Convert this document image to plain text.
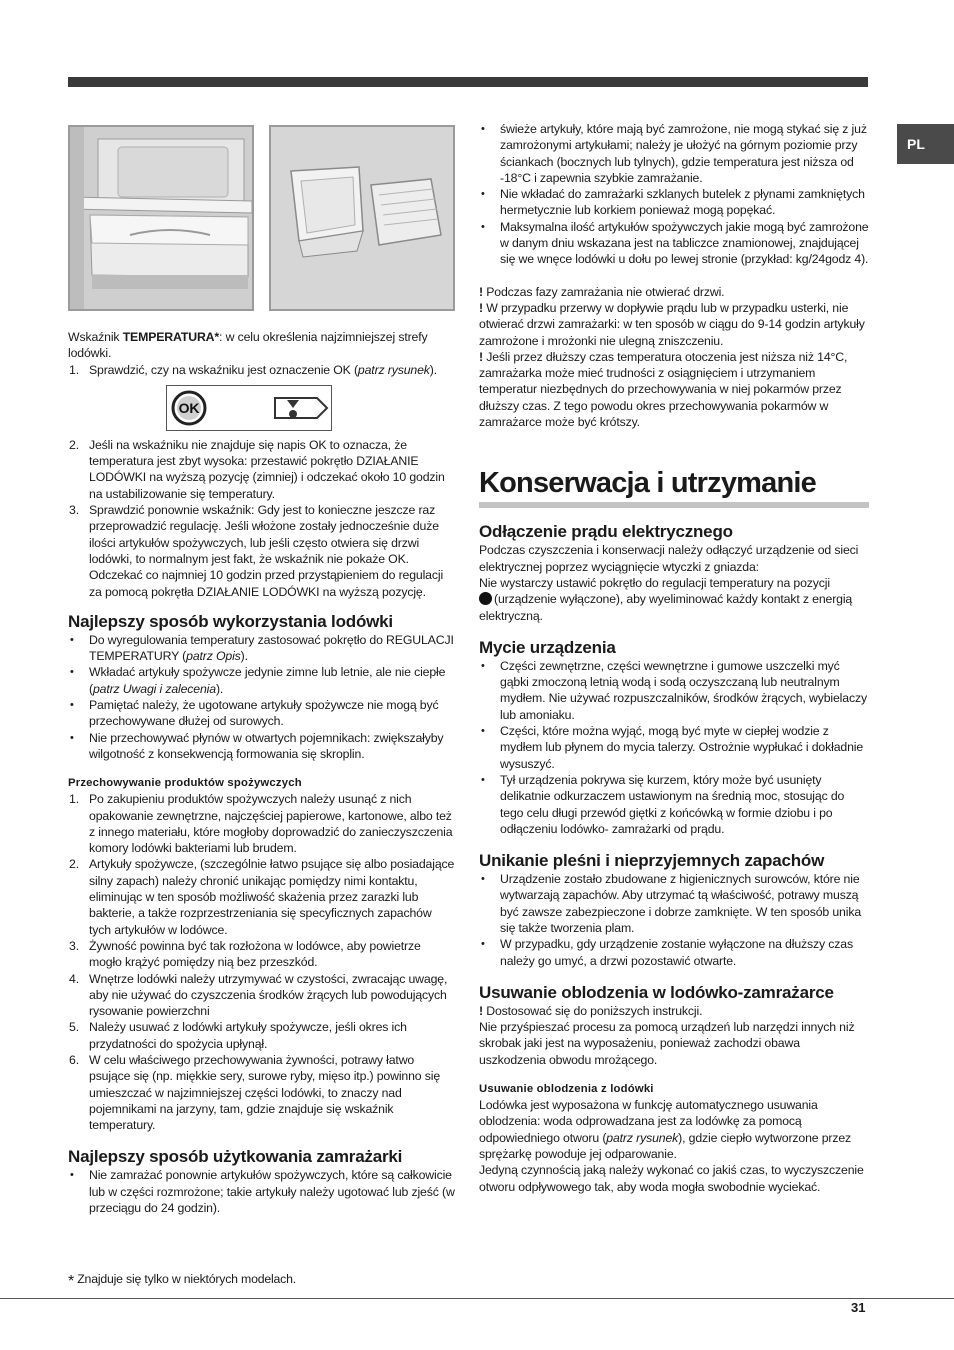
PL

Wskaźnik TEMPERATURA*: w celu określenia najzimniejszej strefy lodówki.

Sprawdzić, czy na wskaźniku jest oznaczenie OK (patrz rysunek).
OK
Jeśli na wskaźniku nie znajduje się napis OK to oznacza, że temperatura jest zbyt wysoka: przestawić pokrętło DZIAŁANIE LODÓWKI na wyższą pozycję (zimniej) i odczekać około 10 godzin na ustabilizowanie się temperatury.
Sprawdzić ponownie wskaźnik: Gdy jest to konieczne jeszcze raz przeprowadzić regulację. Jeśli włożone zostały jednocześnie duże ilości artykułów spożywczych, lub jeśli często otwiera się drzwi lodówki, to normalnym jest fakt, że wskaźnik nie pokaże OK. Odczekać co najmniej 10 godzin przed przystąpieniem do regulacji za pomocą pokrętła DZIAŁANIE LODÓWKI na wyższą pozycję.
Najlepszy sposób wykorzystania lodówki
• Do wyregulowania temperatury zastosować pokrętło do REGULACJI TEMPERATURY (patrz Opis).
• Wkładać artykuły spożywcze jedynie zimne lub letnie, ale nie ciepłe (patrz Uwagi i zalecenia).
• Pamiętać należy, że ugotowane artykuły spożywcze nie mogą być przechowywane dłużej od surowych.
• Nie przechowywać płynów w otwartych pojemnikach: zwiększałyby wilgotność z konsekwencją formowania się skroplin.
Przechowywanie produktów spożywczych
Po zakupieniu produktów spożywczych należy usunąć z nich opakowanie zewnętrzne, najczęściej papierowe, kartonowe, albo też z innego materiału, które mogłoby doprowadzić do zanieczyszczenia komory lodówki bakteriami lub brudem.
Artykuły spożywcze, (szczególnie łatwo psujące się albo posiadające silny zapach) należy chronić unikając pomiędzy nimi kontaktu, eliminując w ten sposób możliwość skażenia przez zarazki lub bakterie, a także rozprzestrzeniania się specyficznych zapachów tych artykułów w lodówce.
Żywność powinna być tak rozłożona w lodówce, aby powietrze mogło krążyć pomiędzy nią bez przeszkód.
Wnętrze lodówki należy utrzymywać w czystości, zwracając uwagę, aby nie używać do czyszczenia środków żrących lub powodujących rysowanie powierzchni
Należy usuwać z lodówki artykuły spożywcze, jeśli okres ich przydatności do spożycia upłynął.
W celu właściwego przechowywania żywności, potrawy łatwo psujące się (np. miękkie sery, surowe ryby, mięso itp.) powinno się umieszczać w najzimniejszej części lodówki, to znaczy nad pojemnikami na jarzyny, tam, gdzie znajduje się wskaźnik temperatury.
Najlepszy sposób użytkowania zamrażarki
• Nie zamrażać ponownie artykułów spożywczych, które są całkowicie lub w części rozmrożone; takie artykuły należy ugotować lub zjeść (w przeciągu do 24 godzin).
• świeże artykuły, które mają być zamrożone, nie mogą stykać się z już zamrożonymi artykułami; należy je ułożyć na górnym poziomie przy ściankach (bocznych lub tylnych), gdzie temperatura jest niższa od -18°C i zapewnia szybkie zamrażanie.
• Nie wkładać do zamrażarki szklanych butelek z płynami zamkniętych hermetycznie lub korkiem ponieważ mogą popękać.
• Maksymalna ilość artykułów spożywczych jakie mogą być zamrożone w danym dniu wskazana jest na tabliczce znamionowej, znajdującej się we wnęce lodówki u dołu po lewej stronie (przykład: kg/24godz 4).

! Podczas fazy zamrażania nie otwierać drzwi.

! W przypadku przerwy w dopływie prądu lub w przypadku usterki, nie otwierać drzwi zamrażarki: w ten sposób w ciągu do 9-14 godzin artykuły zamrożone i mrożonki nie ulegną zniszczeniu.

! Jeśli przez dłuższy czas temperatura otoczenia jest niższa niż 14°C, zamrażarka może mieć trudności z osiągnięciem i utrzymaniem temperatur niezbędnych do przechowywania w niej pokarmów przez dłuższy czas. Z tego powodu okres przechowywania pokarmów w zamrażarce może być krótszy.

Konserwacja i utrzymanie
Odłączenie prądu elektrycznego

Podczas czyszczenia i konserwacji należy odłączyć urządzenie od sieci elektrycznej poprzez wyciągnięcie wtyczki z gniazda:

Nie wystarczy ustawić pokrętło do regulacji temperatury na pozycji

(urządzenie wyłączone), aby wyeliminować każdy kontakt z energią elektryczną.

Mycie urządzenia
• Części zewnętrzne, części wewnętrzne i gumowe uszczelki myć gąbki zmoczoną letnią wodą i sodą oczyszczaną lub neutralnym mydłem. Nie używać rozpuszczalników, środków żrących, wybielaczy lub amoniaku.
• Części, które można wyjąć, mogą być myte w ciepłej wodzie z mydłem lub płynem do mycia talerzy. Ostrożnie wypłukać i dokładnie wysuszyć.
• Tył urządzenia pokrywa się kurzem, który może być usunięty delikatnie odkurzaczem ustawionym na średnią moc, stosując do tego celu długi przewód giętki z końcówką w formie dziobu i po odłączeniu lodówko- zamrażarki od prądu.
Unikanie pleśni i nieprzyjemnych zapachów
• Urządzenie zostało zbudowane z higienicznych surowców, które nie wytwarzają zapachów. Aby utrzymać tą właściwość, potrawy muszą być zawsze zabezpieczone i dobrze zamknięte. W ten sposób unika się także tworzenia plam.
• W przypadku, gdy urządzenie zostanie wyłączone na dłuższy czas należy go umyć, a drzwi pozostawić otwarte.
Usuwanie oblodzenia w lodówko-zamrażarce

! Dostosować się do poniższych instrukcji.

Nie przyśpieszać procesu za pomocą urządzeń lub narzędzi innych niż skrobak jaki jest na wyposażeniu, ponieważ zachodzi obawa uszkodzenia obwodu mrożącego.

Usuwanie oblodzenia z lodówki

Lodówka jest wyposażona w funkcję automatycznego usuwania oblodzenia: woda odprowadzana jest za lodówkę za pomocą odpowiedniego otworu (patrz rysunek), gdzie ciepło wytworzone przez sprężarkę powoduje jej odparowanie.

Jedyną czynnością jaką należy wykonać co jakiś czas, to wyczyszczenie otworu odpływowego tak, aby woda mogła swobodnie wyciekać.

* Znajduje się tylko w niektórych modelach.
31
